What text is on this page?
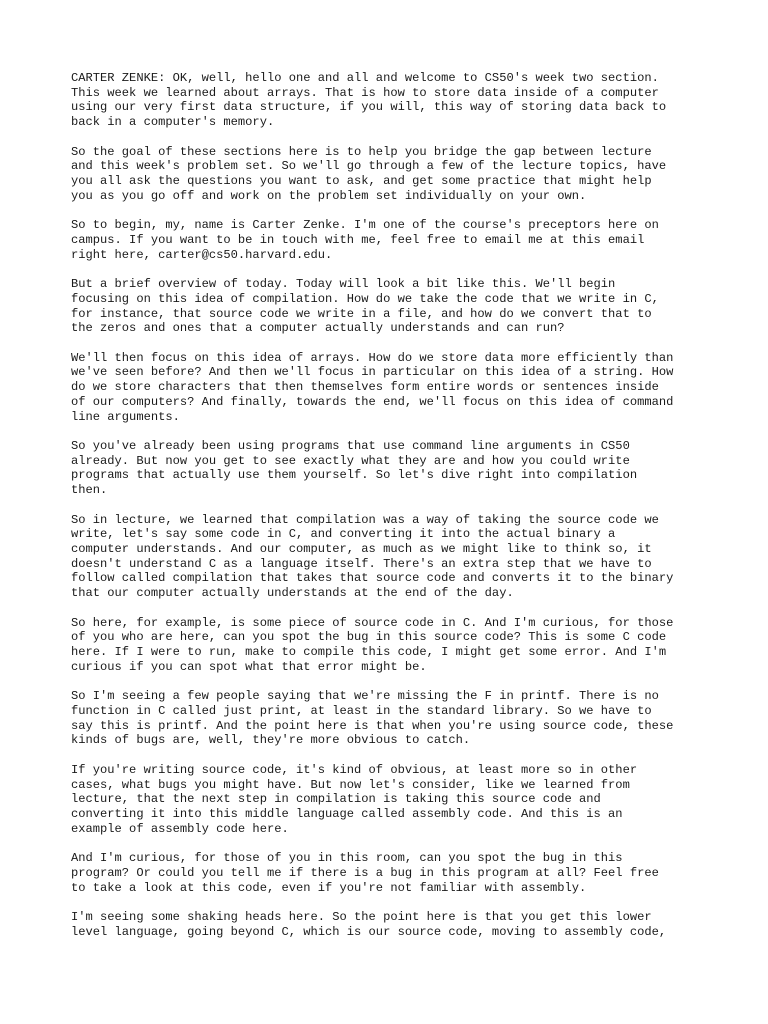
CARTER ZENKE: OK, well, hello one and all and welcome to CS50's week two section.
This week we learned about arrays. That is how to store data inside of a computer
using our very first data structure, if you will, this way of storing data back to
back in a computer's memory.

So the goal of these sections here is to help you bridge the gap between lecture
and this week's problem set. So we'll go through a few of the lecture topics, have
you all ask the questions you want to ask, and get some practice that might help
you as you go off and work on the problem set individually on your own.

So to begin, my, name is Carter Zenke. I'm one of the course's preceptors here on
campus. If you want to be in touch with me, feel free to email me at this email
right here, carter@cs50.harvard.edu.

But a brief overview of today. Today will look a bit like this. We'll begin
focusing on this idea of compilation. How do we take the code that we write in C,
for instance, that source code we write in a file, and how do we convert that to
the zeros and ones that a computer actually understands and can run?

We'll then focus on this idea of arrays. How do we store data more efficiently than
we've seen before? And then we'll focus in particular on this idea of a string. How
do we store characters that then themselves form entire words or sentences inside
of our computers? And finally, towards the end, we'll focus on this idea of command
line arguments.

So you've already been using programs that use command line arguments in CS50
already. But now you get to see exactly what they are and how you could write
programs that actually use them yourself. So let's dive right into compilation
then.

So in lecture, we learned that compilation was a way of taking the source code we
write, let's say some code in C, and converting it into the actual binary a
computer understands. And our computer, as much as we might like to think so, it
doesn't understand C as a language itself. There's an extra step that we have to
follow called compilation that takes that source code and converts it to the binary
that our computer actually understands at the end of the day.

So here, for example, is some piece of source code in C. And I'm curious, for those
of you who are here, can you spot the bug in this source code? This is some C code
here. If I were to run, make to compile this code, I might get some error. And I'm
curious if you can spot what that error might be.

So I'm seeing a few people saying that we're missing the F in printf. There is no
function in C called just print, at least in the standard library. So we have to
say this is printf. And the point here is that when you're using source code, these
kinds of bugs are, well, they're more obvious to catch.

If you're writing source code, it's kind of obvious, at least more so in other
cases, what bugs you might have. But now let's consider, like we learned from
lecture, that the next step in compilation is taking this source code and
converting it into this middle language called assembly code. And this is an
example of assembly code here.

And I'm curious, for those of you in this room, can you spot the bug in this
program? Or could you tell me if there is a bug in this program at all? Feel free
to take a look at this code, even if you're not familiar with assembly.

I'm seeing some shaking heads here. So the point here is that you get this lower
level language, going beyond C, which is our source code, moving to assembly code,
